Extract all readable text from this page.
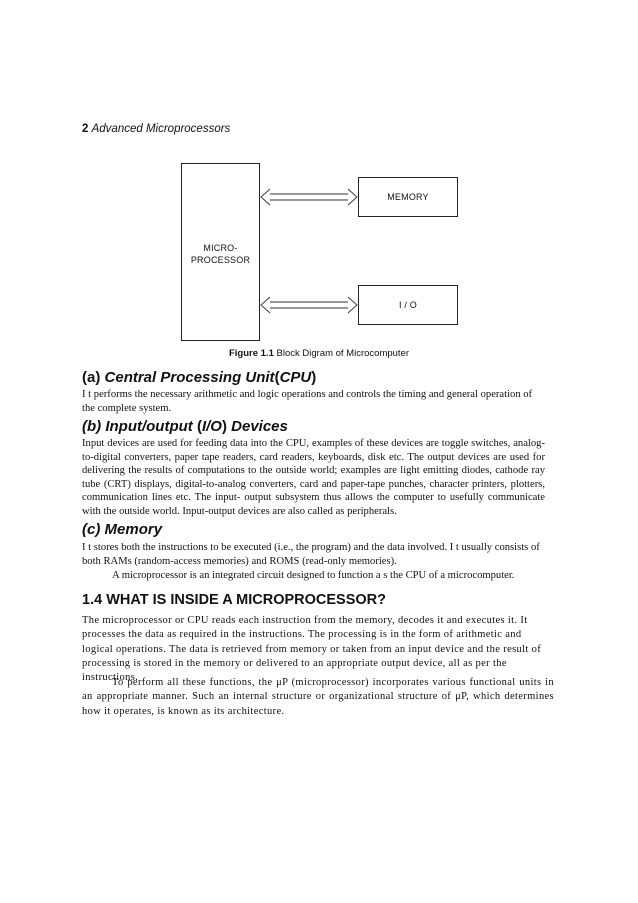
2 Advanced Microprocessors
MICRO-
PROCESSOR
MEMORY
I / O
Figure 1.1 Block Digram of Microcomputer
(a) Central Processing Unit(CPU)
I t performs the necessary arithmetic and logic operations and controls the timing and general operation of the complete system.
(b) Input/output (I/O) Devices
Input devices are used for feeding data into the CPU, examples of these devices are toggle switches, analog-to-digital converters, paper tape readers, card readers, keyboards, disk etc. The output devices are used for delivering the results of computations to the outside world; examples are light emitting diodes, cathode ray tube (CRT) displays, digital-to-analog converters, card and paper-tape punches, character printers, plotters, communication lines etc. The input- output subsystem thus allows the computer to usefully communicate with the outside world. Input-output devices are also called as peripherals.
(c) Memory
I t stores both the instructions to be executed (i.e., the program) and the data involved. I t usually consists of both RAMs (random-access memories) and ROMS (read-only memories).
A microprocessor is an integrated circuit designed to function a s the CPU of a microcomputer.
1.4 WHAT IS INSIDE A MICROPROCESSOR?
The microprocessor or CPU reads each instruction from the memory, decodes it and executes it. It processes the data as required in the instructions. The processing is in the form of arithmetic and logical operations. The data is retrieved from memory or taken from an input device and the result of processing is stored in the memory or delivered to an appropriate output device, all as per the instructions.
To perform all these functions, the μP (microprocessor) incorporates various functional units in an appropriate manner. Such an internal structure or organizational structure of μP, which determines how it operates, is known as its architecture.
